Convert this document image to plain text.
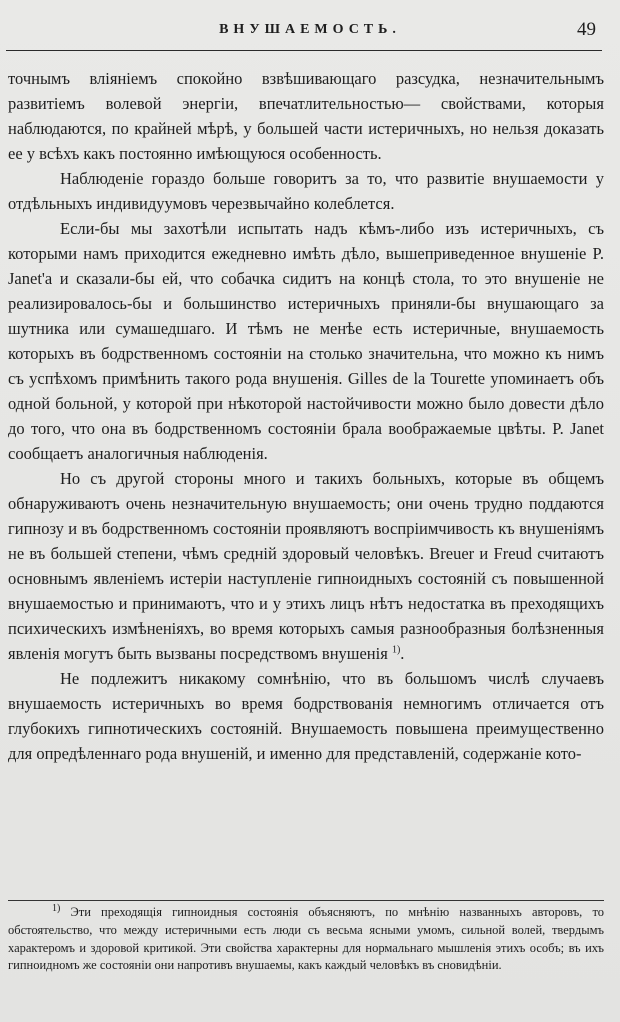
ВНУШАЕМОСТЬ.	49

точнымъ вліяніемъ спокойно взвѣшивающаго разсудка, незначительнымъ развитіемъ волевой энергіи, впечатлительностью— свойствами, которыя наблюдаются, по крайней мѣрѣ, у большей части истеричныхъ, но нельзя доказать ее у всѣхъ какъ постоянно имѣющуюся особенность.

Наблюденіе гораздо больше говоритъ за то, что развитіе внушаемости у отдѣльныхъ индивидуумовъ черезвычайно колеблется.

Если-бы мы захотѣли испытать надъ кѣмъ-либо изъ истеричныхъ, съ которыми намъ приходится ежедневно имѣть дѣло, вышеприведенное внушеніе P. Janet'a и сказали-бы ей, что собачка сидитъ на концѣ стола, то это внушеніе не реализировалось-бы и большинство истеричныхъ приняли-бы внушающаго за шутника или сумашедшаго. И тѣмъ не менѣе есть истеричные, внушаемость которыхъ въ бодрственномъ состояніи на столько значительна, что можно къ нимъ съ успѣхомъ примѣнить такого рода внушенія. Gilles de la Tourette упоминаетъ объ одной больной, у которой при нѣкоторой настойчивости можно было довести дѣло до того, что она въ бодрственномъ состояніи брала воображаемые цвѣты. P. Janet сообщаетъ аналогичныя наблюденія.

Но съ другой стороны много и такихъ больныхъ, которые въ общемъ обнаруживаютъ очень незначительную внушаемость; они очень трудно поддаются гипнозу и въ бодрственномъ состояніи проявляютъ воспріимчивость къ внушеніямъ не въ большей степени, чѣмъ средній здоровый человѣкъ. Breuer и Freud считаютъ основнымъ явленіемъ истеріи наступленіе гипноидныхъ состояній съ повышенной внушаемостью и принимаютъ, что и у этихъ лицъ нѣтъ недостатка въ преходящихъ психическихъ измѣненіяхъ, во время которыхъ самыя разнообразныя болѣзненныя явленія могутъ быть вызваны посредствомъ внушенія $^{1)}$.

Не подлежитъ никакому сомнѣнію, что въ большомъ числѣ случаевъ внушаемость истеричныхъ во время бодрствованія немногимъ отличается отъ глубокихъ гипнотическихъ состояній. Внушаемость повышена преимущественно для опредѣленнаго рода внушеній, и именно для представленій, содержаніе кото-

$^{1)}$ Эти преходящія гипноидныя состоянія объясняютъ, по мнѣнію названныхъ авторовъ, то обстоятельство, что между истеричными есть люди съ весьма ясными умомъ, сильной волей, твердымъ характеромъ и здоровой критикой. Эти свойства характерны для нормальнаго мышленія этихъ особъ; въ ихъ гипноидномъ же состояніи они напротивъ внушаемы, какъ каждый человѣкъ въ сновидѣніи.
